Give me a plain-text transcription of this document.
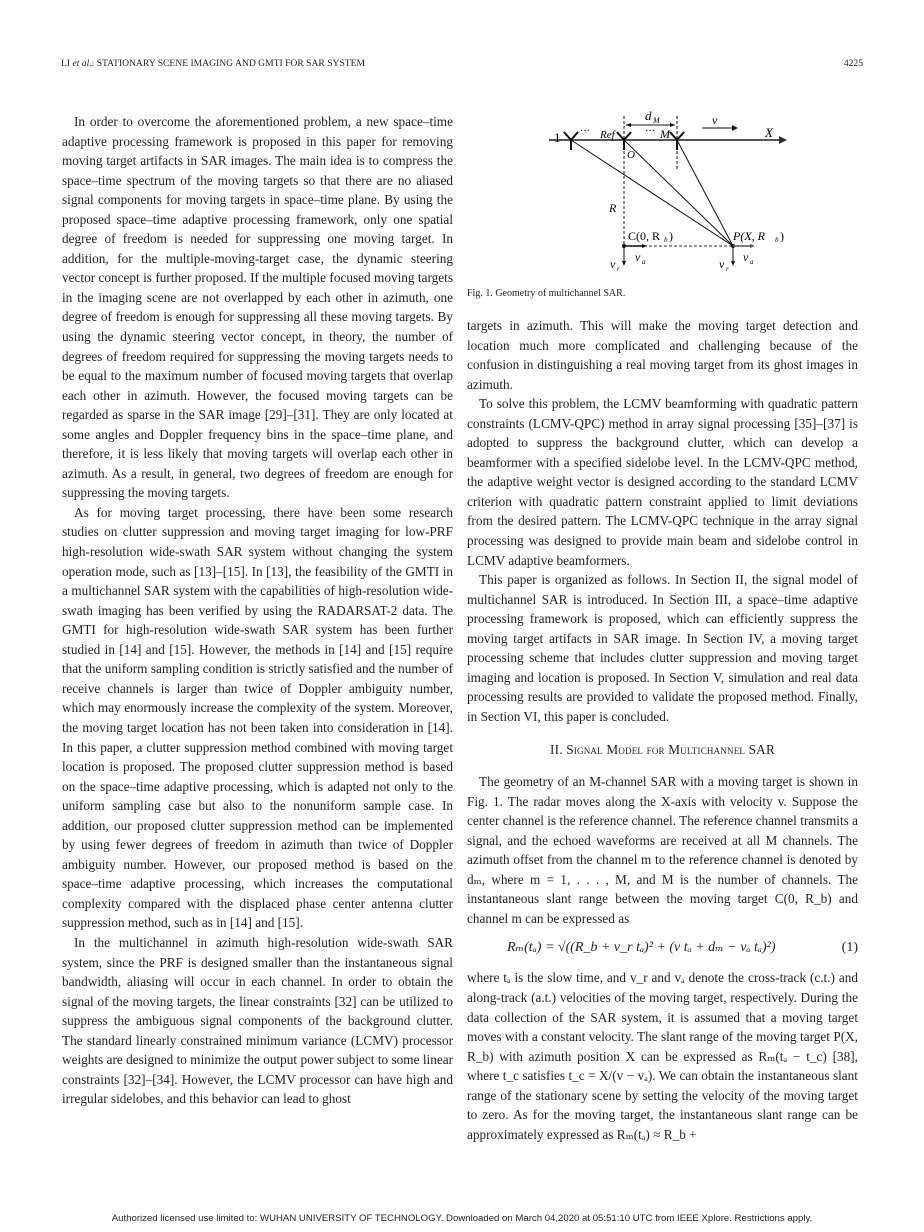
LI et al.: STATIONARY SCENE IMAGING AND GMTI FOR SAR SYSTEM	4225

In order to overcome the aforementioned problem, a new space–time adaptive processing framework is proposed in this paper for removing moving target artifacts in SAR images. The main idea is to compress the space–time spectrum of the moving targets so that there are no aliased signal components for moving targets in space–time plane. By using the proposed space–time adaptive processing framework, only one spatial degree of freedom is needed for suppressing one moving target. In addition, for the multiple-moving-target case, the dynamic steering vector concept is further proposed. If the multiple focused moving targets in the imaging scene are not overlapped by each other in azimuth, one degree of freedom is enough for suppressing all these moving targets. By using the dynamic steering vector concept, in theory, the number of degrees of freedom required for suppressing the moving targets needs to be equal to the maximum number of focused moving targets that overlap each other in azimuth. However, the focused moving targets can be regarded as sparse in the SAR image [29]–[31]. They are only located at some angles and Doppler frequency bins in the space–time plane, and therefore, it is less likely that moving targets will overlap each other in azimuth. As a result, in general, two degrees of freedom are enough for suppressing the moving targets.

As for moving target processing, there have been some research studies on clutter suppression and moving target imaging for low-PRF high-resolution wide-swath SAR system without changing the system operation mode, such as [13]–[15]. In [13], the feasibility of the GMTI in a multichannel SAR system with the capabilities of high-resolution wide-swath imaging has been verified by using the RADARSAT-2 data. The GMTI for high-resolution wide-swath SAR system has been further studied in [14] and [15]. However, the methods in [14] and [15] require that the uniform sampling condition is strictly satisfied and the number of receive channels is larger than twice of Doppler ambiguity number, which may enormously increase the complexity of the system. Moreover, the moving target location has not been taken into consideration in [14]. In this paper, a clutter suppression method combined with moving target location is proposed. The proposed clutter suppression method is based on the space–time adaptive processing, which is adapted not only to the uniform sampling case but also to the nonuniform sample case. In addition, our proposed clutter suppression method can be implemented by using fewer degrees of freedom in azimuth than twice of Doppler ambiguity number. However, our proposed method is based on the space–time adaptive processing, which increases the computational complexity compared with the displaced phase center antenna clutter suppression method, such as in [14] and [15].

In the multichannel in azimuth high-resolution wide-swath SAR system, since the PRF is designed smaller than the instantaneous signal bandwidth, aliasing will occur in each channel. In order to obtain the signal of the moving targets, the linear constraints [32] can be utilized to suppress the ambiguous signal components of the background clutter. The standard linearly constrained minimum variance (LCMV) processor weights are designed to minimize the output power subject to some linear constraints [32]–[34]. However, the LCMV processor can have high and irregular sidelobes, and this behavior can lead to ghost

1 ··· Ref	··· M
d M	v
X
O
R
C(0, R b )	P(X, R b )
v r
v a	v r
v a
Fig. 1. Geometry of multichannel SAR.

targets in azimuth. This will make the moving target detection and location much more complicated and challenging because of the confusion in distinguishing a real moving target from its ghost images in azimuth.

To solve this problem, the LCMV beamforming with quadratic pattern constraints (LCMV-QPC) method in array signal processing [35]–[37] is adopted to suppress the background clutter, which can develop a beamformer with a specified sidelobe level. In the LCMV-QPC method, the adaptive weight vector is designed according to the standard LCMV criterion with quadratic pattern constraint applied to limit deviations from the desired pattern. The LCMV-QPC technique in the array signal processing was designed to provide main beam and sidelobe control in LCMV adaptive beamformers.

This paper is organized as follows. In Section II, the signal model of multichannel SAR is introduced. In Section III, a space–time adaptive processing framework is proposed, which can efficiently suppress the moving target artifacts in SAR image. In Section IV, a moving target processing scheme that includes clutter suppression and moving target imaging and location is proposed. In Section V, simulation and real data processing results are provided to validate the proposed method. Finally, in Section VI, this paper is concluded.

II. Signal Model for Multichannel SAR

The geometry of an M-channel SAR with a moving target is shown in Fig. 1. The radar moves along the X-axis with velocity v. Suppose the center channel is the reference channel. The reference channel transmits a signal, and the echoed waveforms are received at all M channels. The azimuth offset from the channel m to the reference channel is denoted by dₘ, where m = 1, . . . , M, and M is the number of channels. The instantaneous slant range between the moving target C(0, R_b) and channel m can be expressed as

Rₘ(tₐ) = √((R_b + v_r tₐ)² + (v tₐ + dₘ − vₐ tₐ)²)	(1)

where tₐ is the slow time, and v_r and vₐ denote the cross-track (c.t.) and along-track (a.t.) velocities of the moving target, respectively. During the data collection of the SAR system, it is assumed that a moving target moves with a constant velocity. The slant range of the moving target P(X, R_b) with azimuth position X can be expressed as Rₘ(tₐ − t_c) [38], where t_c satisfies t_c = X/(v − vₐ). We can obtain the instantaneous slant range of the stationary scene by setting the velocity of the moving target to zero. As for the moving target, the instantaneous slant range can be approximately expressed as Rₘ(tₐ) ≈ R_b +

Authorized licensed use limited to: WUHAN UNIVERSITY OF TECHNOLOGY. Downloaded on March 04,2020 at 05:51:10 UTC from IEEE Xplore. Restrictions apply.
